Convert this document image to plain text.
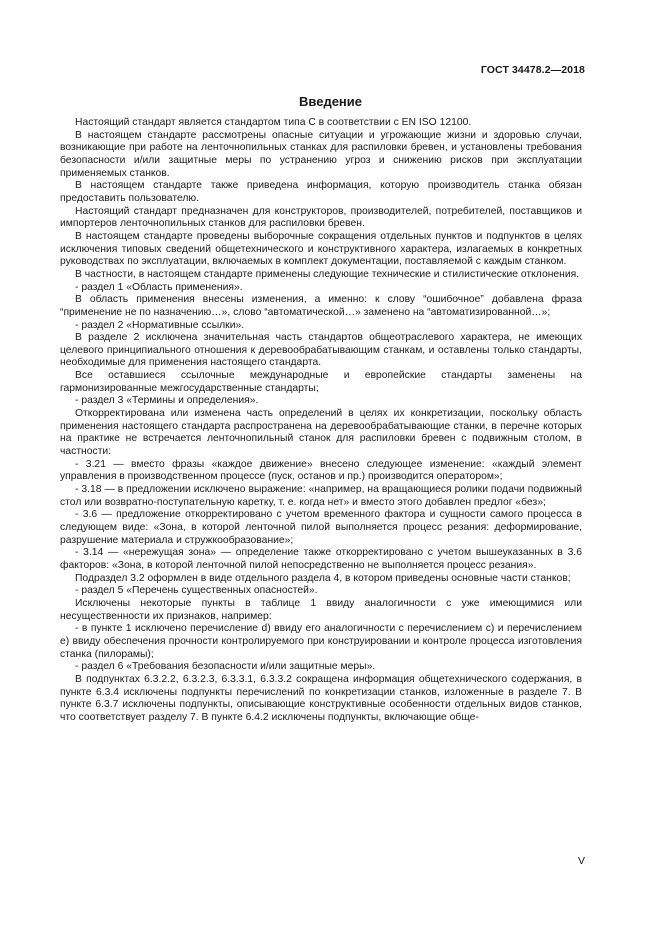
ГОСТ 34478.2—2018
Введение

Настоящий стандарт является стандартом типа С в соответствии с EN ISO 12100.

В настоящем стандарте рассмотрены опасные ситуации и угрожающие жизни и здоровью случаи, возникающие при работе на ленточнопильных станках для распиловки бревен, и установлены требования безопасности и/или защитные меры по устранению угроз и снижению рисков при эксплуатации применяемых станков.

В настоящем стандарте также приведена информация, которую производитель станка обязан предоставить пользователю.

Настоящий стандарт предназначен для конструкторов, производителей, потребителей, поставщиков и импортеров ленточнопильных станков для распиловки бревен.

В настоящем стандарте проведены выборочные сокращения отдельных пунктов и подпунктов в целях исключения типовых сведений общетехнического и конструктивного характера, излагаемых в конкретных руководствах по эксплуатации, включаемых в комплект документации, поставляемой с каждым станком.

В частности, в настоящем стандарте применены следующие технические и стилистические отклонения.

- раздел 1 «Область применения».

В область применения внесены изменения, а именно: к слову “ошибочное” добавлена фраза “применение не по назначению…», слово “автоматической…» заменено на “автоматизированной…»;

- раздел 2 «Нормативные ссылки».

В разделе 2 исключена значительная часть стандартов общеотраслевого характера, не имеющих целевого принципиального отношения к деревообрабатывающим станкам, и оставлены только стандарты, необходимые для применения настоящего стандарта.

Все оставшиеся ссылочные международные и европейские стандарты заменены на гармонизированные межгосударственные стандарты;

- раздел 3 «Термины и определения».

Откорректирована или изменена часть определений в целях их конкретизации, поскольку область применения настоящего стандарта распространена на деревообрабатывающие станки, в перечне которых на практике не встречается ленточнопильный станок для распиловки бревен с подвижным столом, в частности:

- 3.21 — вместо фразы «каждое движение» внесено следующее изменение: «каждый элемент управления в производственном процессе (пуск, останов и пр.) производится оператором»;

- 3.18 — в предложении исключено выражение: «например, на вращающиеся ролики подачи подвижный стол или возвратно-поступательную каретку, т. е. когда нет» и вместо этого добавлен предлог «без»;

- 3.6 — предложение откорректировано с учетом временного фактора и сущности самого процесса в следующем виде: «Зона, в которой ленточной пилой выполняется процесс резания: деформирование, разрушение материала и стружкообразование»;

- 3.14 — «нережущая зона» — определение также откорректировано с учетом вышеуказанных в 3.6 факторов: «Зона, в которой ленточной пилой непосредственно не выполняется процесс резания».

Подраздел 3.2 оформлен в виде отдельного раздела 4, в котором приведены основные части станков;

- раздел 5 «Перечень существенных опасностей».

Исключены некоторые пункты в таблице 1 ввиду аналогичности с уже имеющимися или несущественности их признаков, например:

- в пункте 1 исключено перечисление d) ввиду его аналогичности с перечислением с) и перечислением е) ввиду обеспечения прочности контролируемого при конструировании и контроле процесса изготовления станка (пилорамы);

- раздел 6 «Требования безопасности и/или защитные меры».

В подпунктах 6.3.2.2, 6.3.2.3, 6.3.3.1, 6.3.3.2 сокращена информация общетехнического содержания, в пункте 6.3.4 исключены подпункты перечислений по конкретизации станков, изложенные в разделе 7. В пункте 6.3.7 исключены подпункты, описывающие конструктивные особенности отдельных видов станков, что соответствует разделу 7. В пункте 6.4.2 исключены подпункты, включающие обще-

V
